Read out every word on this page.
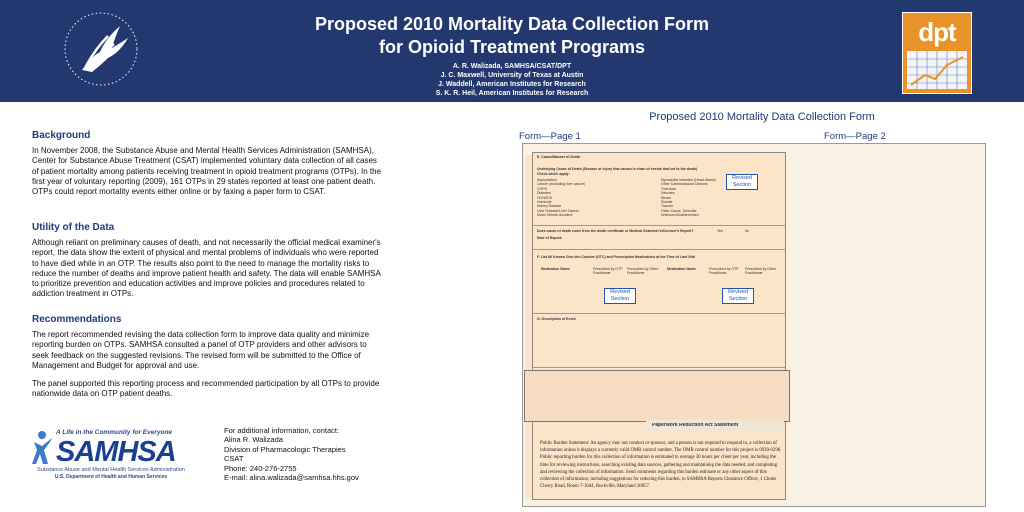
Proposed 2010 Mortality Data Collection Form
for Opioid Treatment Programs
A. R. Walizada, SAMHSA/CSAT/DPT
J. C. Maxwell, University of Texas at Austin
J. Waddell, American Institutes for Research
S. K. R. Heil, American Institutes for Research
dpt
Background
In November 2008, the Substance Abuse and Mental Health Services Administration (SAMHSA), Center for Substance Abuse Treatment (CSAT) implemented voluntary data collection of all cases of patient mortality among patients receiving treatment in opioid treatment programs (OTPs). In the first year of voluntary reporting (2009), 161 OTPs in 29 states reported at least one patient death. OTPs could report mortality events either online or by faxing a paper form to CSAT.
Utility of the Data
Although reliant on preliminary causes of death, and not necessarily the official medical examiner's report, the data show the extent of physical and mental problems of individuals who were reported to have died while in an OTP. The results also point to the need to manage the mortality risks to reduce the number of deaths and improve patient health and safety. The data will enable SAMHSA to prioritize prevention and education activities and improve policies and procedures related to addiction treatment in OTPs.
Recommendations
The report recommended revising the data collection form to improve data quality and minimize reporting burden on OTPs. SAMHSA consulted a panel of OTP providers and other advisors to seek feedback on the suggested revisions. The revised form will be submitted to the Office of Management and Budget for approval and use.
The panel supported this reporting process and recommended participation by all OTPs to provide nationwide data on OTP patient deaths.
A Life in the Community for Everyone
SAMHSA
Substance Abuse and Mental Health Services Administration
U.S. Department of Health and Human Services
For additional information, contact:
Alina R. Walizada
Division of Pharmacologic Therapies
CSAT
Phone: 240-276-2755
E-mail: alina.walizada@samhsa.hhs.gov
Proposed 2010 Mortality Data Collection Form
Form—Page 1	Form—Page 2
E. Cause/Manner of Death
Underlying Cause of Death (Disease or injury that caused a chain of events that led to the death)
Check which apply:
Asphyxiation
Cancer (excluding liver cancer)
COPD
Diabetes
HIV/AIDS
Homicide
Kidney Disease
Liver Disease/Liver Cancer
Motor Vehicle Accident
Myocardial Infarction (Heart Attack)
Other Cardiovascular Disease
Overdose
Seizures
Stroke
Suicide
Trauma
Other Cause, Describe
Unknown/Undetermined
Does cause of death come from the death certificate or Medical Examiner's/Coroner's Report?	Yes	No
Date of Report:
F. List All Known Over-the-Counter (OTC) and Prescription Medications at the Time of Last Visit
Medication Name	Prescribed by OTP Practitioner
Prescribed by Other Practitioner
Medication Name	Prescribed by OTP Practitioner
Prescribed by Other Practitioner
G. Description of Event
Revised
Section
Revised
Section
Revised
Section
Paperwork Reduction Act Statement
Public Burden Statement: An agency may not conduct or sponsor, and a person is not required to respond to, a collection of information unless it displays a currently valid OMB control number. The OMB control number for this project is 0930-0296. Public reporting burden for this collection of information is estimated to average 30 hours per client per year, including the time for reviewing instructions, searching existing data sources, gathering and maintaining the data needed, and completing and reviewing the collection of information. Send comments regarding this burden estimate or any other aspect of this collection of information, including suggestions for reducing this burden, to SAMHSA Reports Clearance Officer, 1 Choke Cherry Road, Room 7-1044, Rockville, Maryland 20857.
